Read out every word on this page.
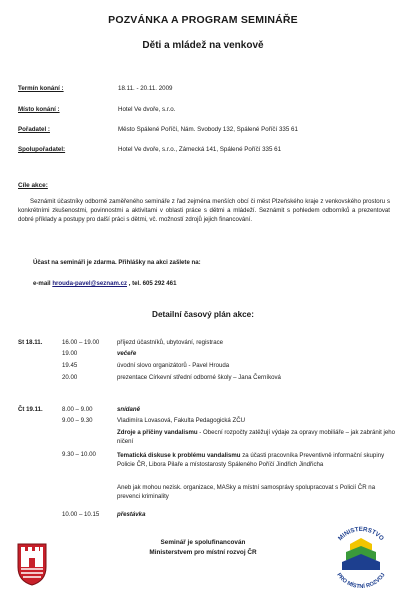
POZVÁNKA A PROGRAM SEMINÁŘE
Děti a mládež na venkově
Termín konání :	18.11. - 20.11. 2009
Místo konání :	Hotel Ve dvoře, s.r.o.
Pořadatel :	Město Spálené Poříčí, Nám. Svobody 132, Spálené Poříčí 335 61
Spolupořadatel:	Hotel Ve dvoře, s.r.o., Zámecká 141, Spálené Poříčí 335 61
Cíle akce:
Seznámit účastníky odborně zaměřeného semináře z řad zejména menších obcí či měst Plzeňského kraje z venkovského prostoru s konkrétními zkušenostmi, povinnostmi a aktivitami v oblasti práce s dětmi a mládeží. Seznámit s pohledem odborníků a prezentovat dobré příklady a postupy pro další práci s dětmi, vč. možností zdrojů jejich financování.
Účast na semináři je zdarma. Přihlášky na akci zašlete na:
e-mail hrouda-pavel@seznam.cz , tel. 605 292 461
Detailní časový plán akce:
St 18.11.	16.00 – 19.00	příjezd účastníků, ubytování, registrace
19.00	večeře
19.45	úvodní slovo organizátorů - Pavel Hrouda
20.00	prezentace Církevní střední odborné školy – Jana Černíková
Čt 19.11.	8.00 – 9.00	snídaně
9.00 – 9.30	Vladimíra Lovasová, Fakulta Pedagogická ZČU
Zdroje a příčiny vandalismu - Obecní rozpočty zatěžují výdaje za opravy mobiliáře – jak zabránit jeho ničení
9.30 – 10.00	Tematická diskuse k problému vandalismu za účasti pracovníka Preventivně informační skupiny Policie ČR, Libora Pilaře a místostarosty Spáleného Poříčí Jindřich Jindřicha
Aneb jak mohou nezisk. organizace, MASky a místní samosprávy spolupracovat s Policií ČR na prevenci kriminality
10.00 – 10.15	přestávka
Seminář je spolufinancován
Ministerstvem pro místní rozvoj ČR
MINISTERSTVO
PRO MÍSTNÍ ROZVOJ
